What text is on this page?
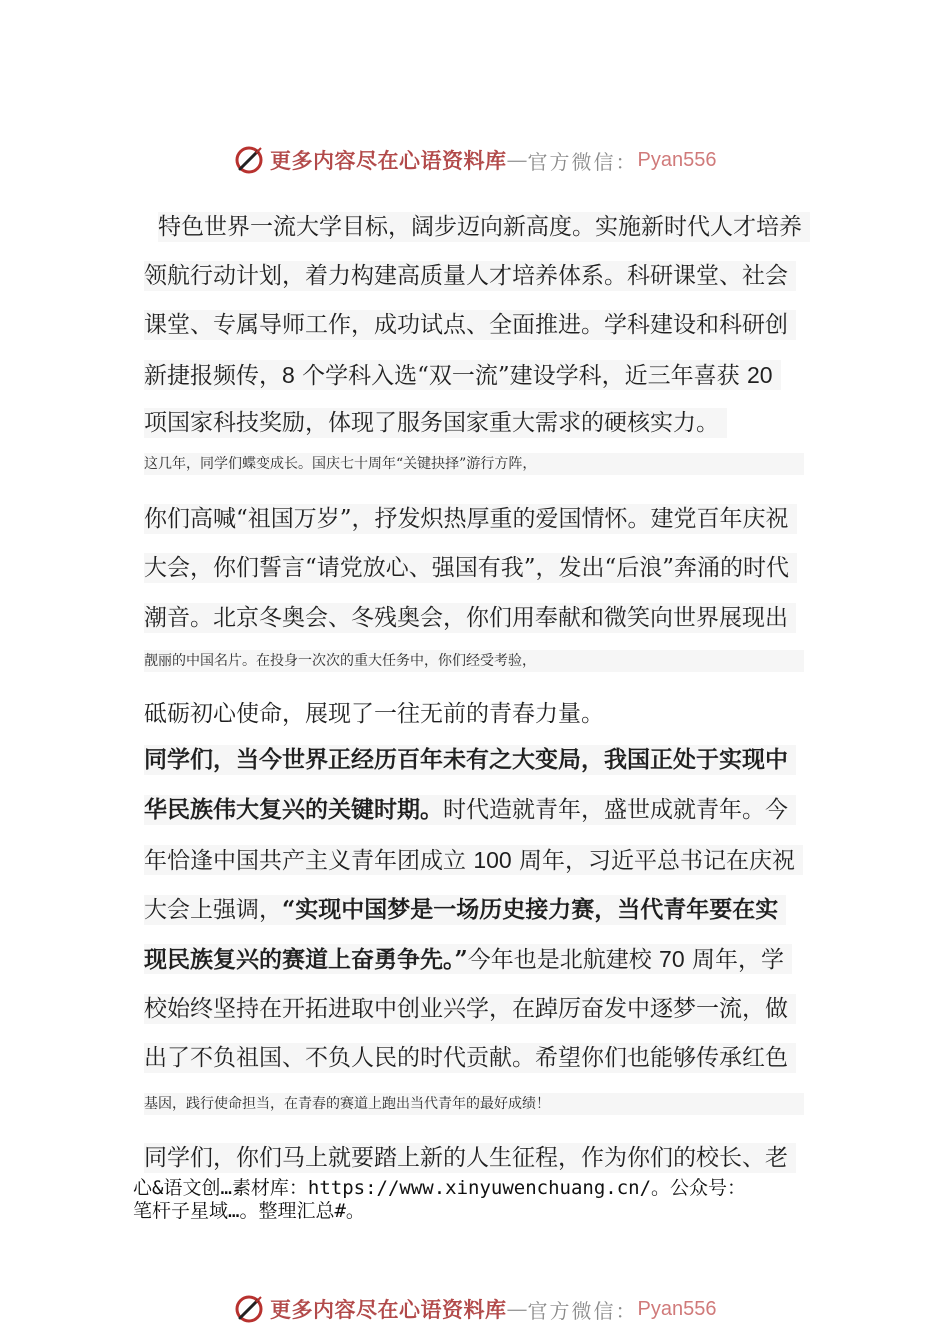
更多内容尽在心语资料库 — 官方微信： Pyan556
特色世界一流大学目标，阔步迈向新高度。实施新时代人才培养
领航行动计划，着力构建高质量人才培养体系。科研课堂、社会
课堂、专属导师工作，成功试点、全面推进。学科建设和科研创
新捷报频传，8 个学科入选“双一流”建设学科，近三年喜获 20
项国家科技奖励，体现了服务国家重大需求的硬核实力。
这几年，同学们蝶变成长。国庆七十周年“关键抉择”游行方阵，
你们高喊“祖国万岁”，抒发炽热厚重的爱国情怀。建党百年庆祝
大会，你们誓言“请党放心、强国有我”，发出“后浪”奔涌的时代
潮音。北京冬奥会、冬残奥会，你们用奉献和微笑向世界展现出
靓丽的中国名片。在投身一次次的重大任务中，你们经受考验，
砥砺初心使命，展现了一往无前的青春力量。
同学们，当今世界正经历百年未有之大变局，我国正处于实现中
华民族伟大复兴的关键时期。时代造就青年，盛世成就青年。今
年恰逢中国共产主义青年团成立 100 周年，习近平总书记在庆祝
大会上强调，“实现中国梦是一场历史接力赛，当代青年要在实
现民族复兴的赛道上奋勇争先。”今年也是北航建校 70 周年，学
校始终坚持在开拓进取中创业兴学，在踔厉奋发中逐梦一流，做
出了不负祖国、不负人民的时代贡献。希望你们也能够传承红色
基因，践行使命担当，在青春的赛道上跑出当代青年的最好成绩！
同学们，你们马上就要踏上新的人生征程，作为你们的校长、老
心&语文创…素材库：https://www.xinyuwenchuang.cn/。公众号：
笔杆子星域…。整理汇总#。
更多内容尽在心语资料库 — 官方微信： Pyan556
